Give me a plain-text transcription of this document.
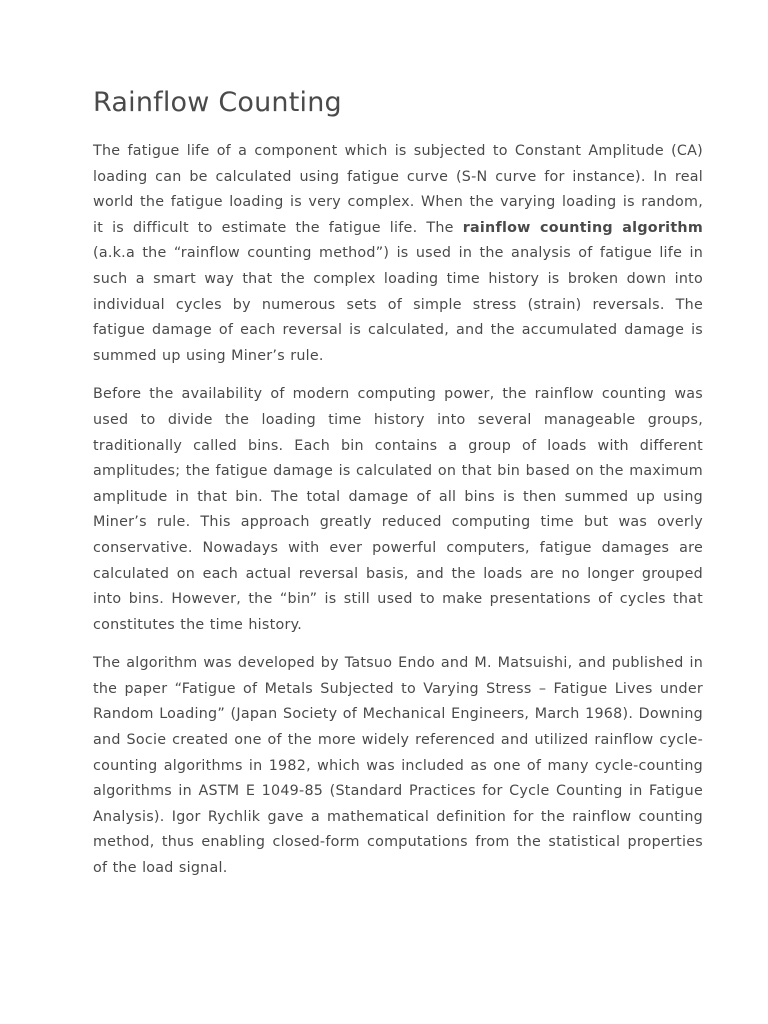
Rainflow Counting

The fatigue life of a component which is subjected to Constant Amplitude (CA) loading can be calculated using fatigue curve (S-N curve for instance). In real world the fatigue loading is very complex. When the varying loading is random, it is difficult to estimate the fatigue life. The rainflow counting algorithm (a.k.a the “rainflow counting method”) is used in the analysis of fatigue life in such a smart way that the complex loading time history is broken down into individual cycles by numerous sets of simple stress (strain) reversals. The fatigue damage of each reversal is calculated, and the accumulated damage is summed up using Miner’s rule.

Before the availability of modern computing power, the rainflow counting was used to divide the loading time history into several manageable groups, traditionally called bins. Each bin contains a group of loads with different amplitudes; the fatigue damage is calculated on that bin based on the maximum amplitude in that bin. The total damage of all bins is then summed up using Miner’s rule. This approach greatly reduced computing time but was overly conservative. Nowadays with ever powerful computers, fatigue damages are calculated on each actual reversal basis, and the loads are no longer grouped into bins. However, the “bin” is still used to make presentations of cycles that constitutes the time history.

The algorithm was developed by Tatsuo Endo and M. Matsuishi, and published in the paper “Fatigue of Metals Subjected to Varying Stress – Fatigue Lives under Random Loading” (Japan Society of Mechanical Engineers, March 1968). Downing and Socie created one of the more widely referenced and utilized rainflow cycle-counting algorithms in 1982, which was included as one of many cycle-counting algorithms in ASTM E 1049-85 (Standard Practices for Cycle Counting in Fatigue Analysis). Igor Rychlik gave a mathematical definition for the rainflow counting method, thus enabling closed-form computations from the statistical properties of the load signal.
